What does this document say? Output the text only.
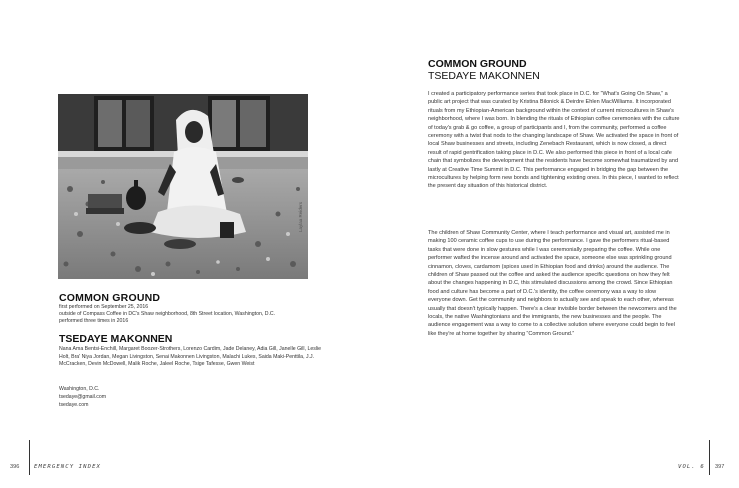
Laylaa Reiders
COMMON GROUND
first performed on September 25, 2016
outside of Compass Coffee in DC's Shaw neighborhood, 8th Street location, Washington, D.C.
performed three times in 2016
TSEDAYE MAKONNEN
Nana Ama Bentsi-Enchill, Margaret Boozer-Strothers, Lorenzo Cardim, Jade Delaney, Adia Gill, Janelle Gill, Leslie Holt, Bra' Niya Jordan, Megan Livingston, Senai Makonnen Livingston, Malachi Lukes, Saida Maki-Penttila, J.J. McCracken, Devin McDowell, Malik Roche, Jaleel Roche, Tsige Tafesse, Gwen Weist
Washington, D.C.
tsedaye@gmail.com
tsedaye.com
COMMON GROUND
TSEDAYE MAKONNEN

I created a participatory performance series that took place in D.C. for “What's Going On Shaw,” a public art project that was curated by Kristina Bilonick & Deirdre Ehlen MacWilliams. It incorporated rituals from my Ethiopian-American background within the context of current microcultures in Shaw's neighborhood, where I was born. In blending the rituals of Ethiopian coffee ceremonies with the culture of today's grab & go coffee, a group of participants and I, from the community, performed a coffee ceremony with a twist that nods to the changing landscape of Shaw. We activated the space in front of local Shaw businesses and streets, including Zenebach Restaurant, which is now closed, a direct result of rapid gentrification taking place in D.C. We also performed this piece in front of a local cafe chain that symbolizes the development that the residents have become somewhat traumatized by and lastly at Creative Time Summit in D.C. This performance engaged in bridging the gap between the microcultures by helping form new bonds and tightening existing ones. In this piece, I wanted to reflect the present day situation of this historical district.

The children of Shaw Community Center, where I teach performance and visual art, assisted me in making 100 ceramic coffee cups to use during the performance. I gave the performers ritual-based tasks that were done in slow gestures while I was ceremonially preparing the coffee. While one performer wafted the incense around and activated the space, someone else was sprinkling ground cinnamon, cloves, cardamom (spices used in Ethiopian food and drinks) around the audience. The children of Shaw passed out the coffee and asked the audience specific questions on how they felt about the changes happening in D.C, this stimulated discussions among the crowd. Since Ethiopian food and culture has become a part of D.C.'s identity, the coffee ceremony was a way to slow everyone down. Get the community and neighbors to actually see and speak to each other, whereas usually that doesn't typically happen. There's a clear invisible border between the newcomers and the locals, the native Washingtonians and the immigrants, the new businesses and the people. The audience engagement was a way to come to a collective solution where everyone could begin to feel like they're at home together by sharing “Common Ground.”

396	EMERGENCY INDEX	VOL. 6 397
